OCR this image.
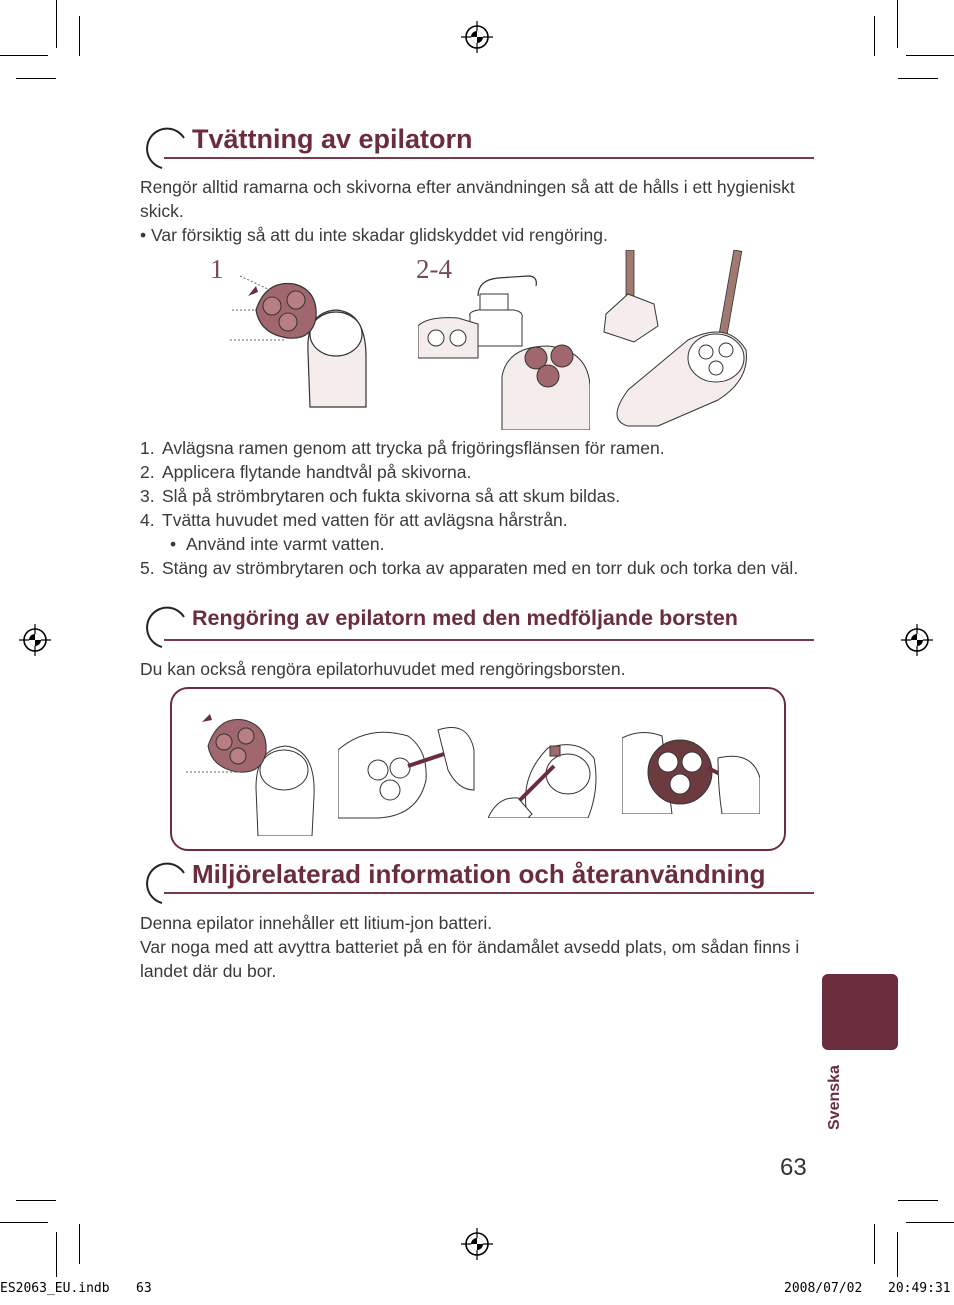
Tvättning av epilatorn
Rengör alltid ramarna och skivorna efter användningen så att de hålls i ett hygieniskt skick.
• Var försiktig så att du inte skadar glidskyddet vid rengöring.
1	2-4
1. Avlägsna ramen genom att trycka på frigöringsflänsen för ramen.
2. Applicera flytande handtvål på skivorna.
3. Slå på strömbrytaren och fukta skivorna så att skum bildas.
4. Tvätta huvudet med vatten för att avlägsna hårstrån.
• Använd inte varmt vatten.
5. Stäng av strömbrytaren och torka av apparaten med en torr duk och torka den väl.
Rengöring av epilatorn med den medföljande borsten
Du kan också rengöra epilatorhuvudet med rengöringsborsten.
Miljörelaterad information och återanvändning
Denna epilator innehåller ett litium-jon batteri.
Var noga med att avyttra batteriet på en för ändamålet avsedd plats, om sådan finns i landet där du bor.
Svenska
63
ES2063_EU.indb 63	2008/07/02 20:49:31
